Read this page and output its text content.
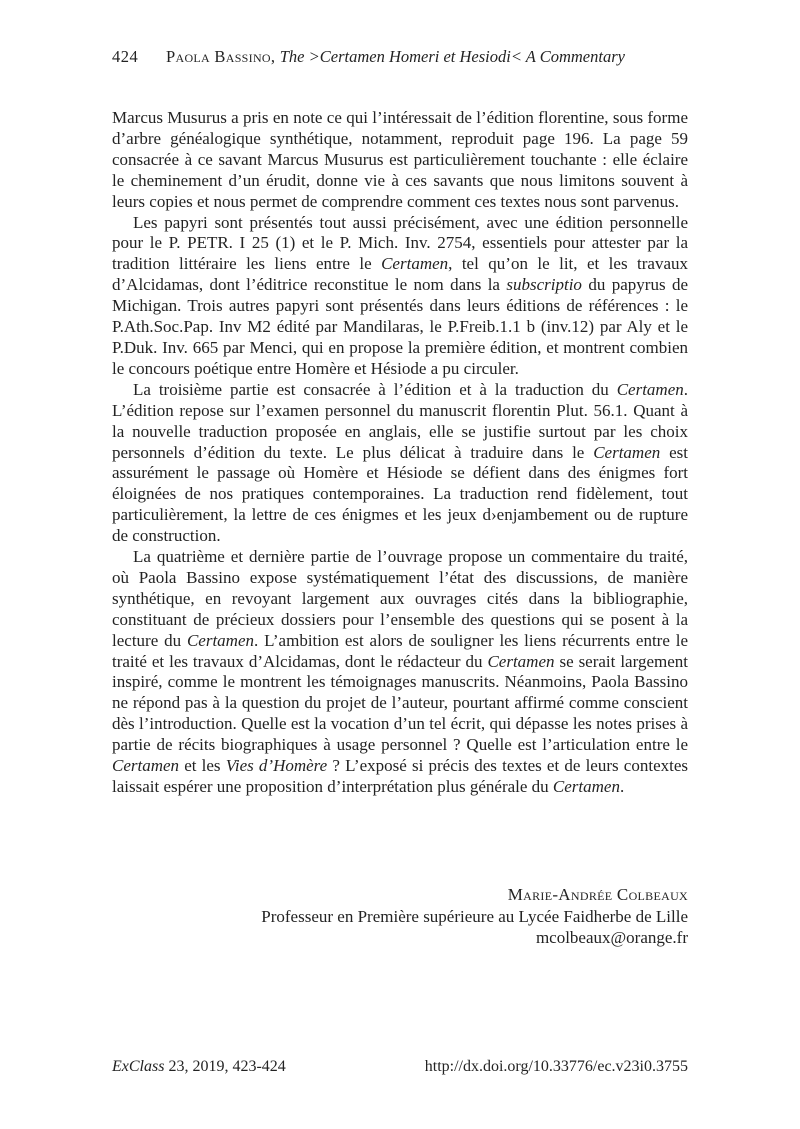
424 Paola Bassino, The >Certamen Homeri et Hesiodi< A Commentary

Marcus Musurus a pris en note ce qui l’intéressait de l’édition florentine, sous forme d’arbre généalogique synthétique, notamment, reproduit page 196. La page 59 consacrée à ce savant Marcus Musurus est particulièrement touchante : elle éclaire le cheminement d’un érudit, donne vie à ces savants que nous limitons souvent à leurs copies et nous permet de comprendre comment ces textes nous sont parvenus.

Les papyri sont présentés tout aussi précisément, avec une édition personnelle pour le P. PETR. I 25 (1) et le P. Mich. Inv. 2754, essentiels pour attester par la tradition littéraire les liens entre le Certamen, tel qu’on le lit, et les travaux d’Alcidamas, dont l’éditrice reconstitue le nom dans la subscriptio du papyrus de Michigan. Trois autres papyri sont présentés dans leurs éditions de références : le P.Ath.Soc.Pap. Inv M2 édité par Mandilaras, le P.Freib.1.1 b (inv.12) par Aly et le P.Duk. Inv. 665 par Menci, qui en propose la première édition, et montrent combien le concours poétique entre Homère et Hésiode a pu circuler.

La troisième partie est consacrée à l’édition et à la traduction du Certamen. L’édition repose sur l’examen personnel du manuscrit florentin Plut. 56.1. Quant à la nouvelle traduction proposée en anglais, elle se justifie surtout par les choix personnels d’édition du texte. Le plus délicat à traduire dans le Certamen est assurément le passage où Homère et Hésiode se défient dans des énigmes fort éloignées de nos pratiques contemporaines. La traduction rend fidèlement, tout particulièrement, la lettre de ces énigmes et les jeux d›enjambement ou de rupture de construction.

La quatrième et dernière partie de l’ouvrage propose un commentaire du traité, où Paola Bassino expose systématiquement l’état des discussions, de manière synthétique, en revoyant largement aux ouvrages cités dans la bibliographie, constituant de précieux dossiers pour l’ensemble des questions qui se posent à la lecture du Certamen. L’ambition est alors de souligner les liens récurrents entre le traité et les travaux d’Alcidamas, dont le rédacteur du Certamen se serait largement inspiré, comme le montrent les témoignages manuscrits. Néanmoins, Paola Bassino ne répond pas à la question du projet de l’auteur, pourtant affirmé comme conscient dès l’introduction. Quelle est la vocation d’un tel écrit, qui dépasse les notes prises à partie de récits biographiques à usage personnel ? Quelle est l’articulation entre le Certamen et les Vies d’Homère ? L’exposé si précis des textes et de leurs contextes laissait espérer une proposition d’interprétation plus générale du Certamen.

Marie-Andrée Colbeaux
Professeur en Première supérieure au Lycée Faidherbe de Lille
mcolbeaux@orange.fr
ExClass 23, 2019, 423-424	http://dx.doi.org/10.33776/ec.v23i0.3755
